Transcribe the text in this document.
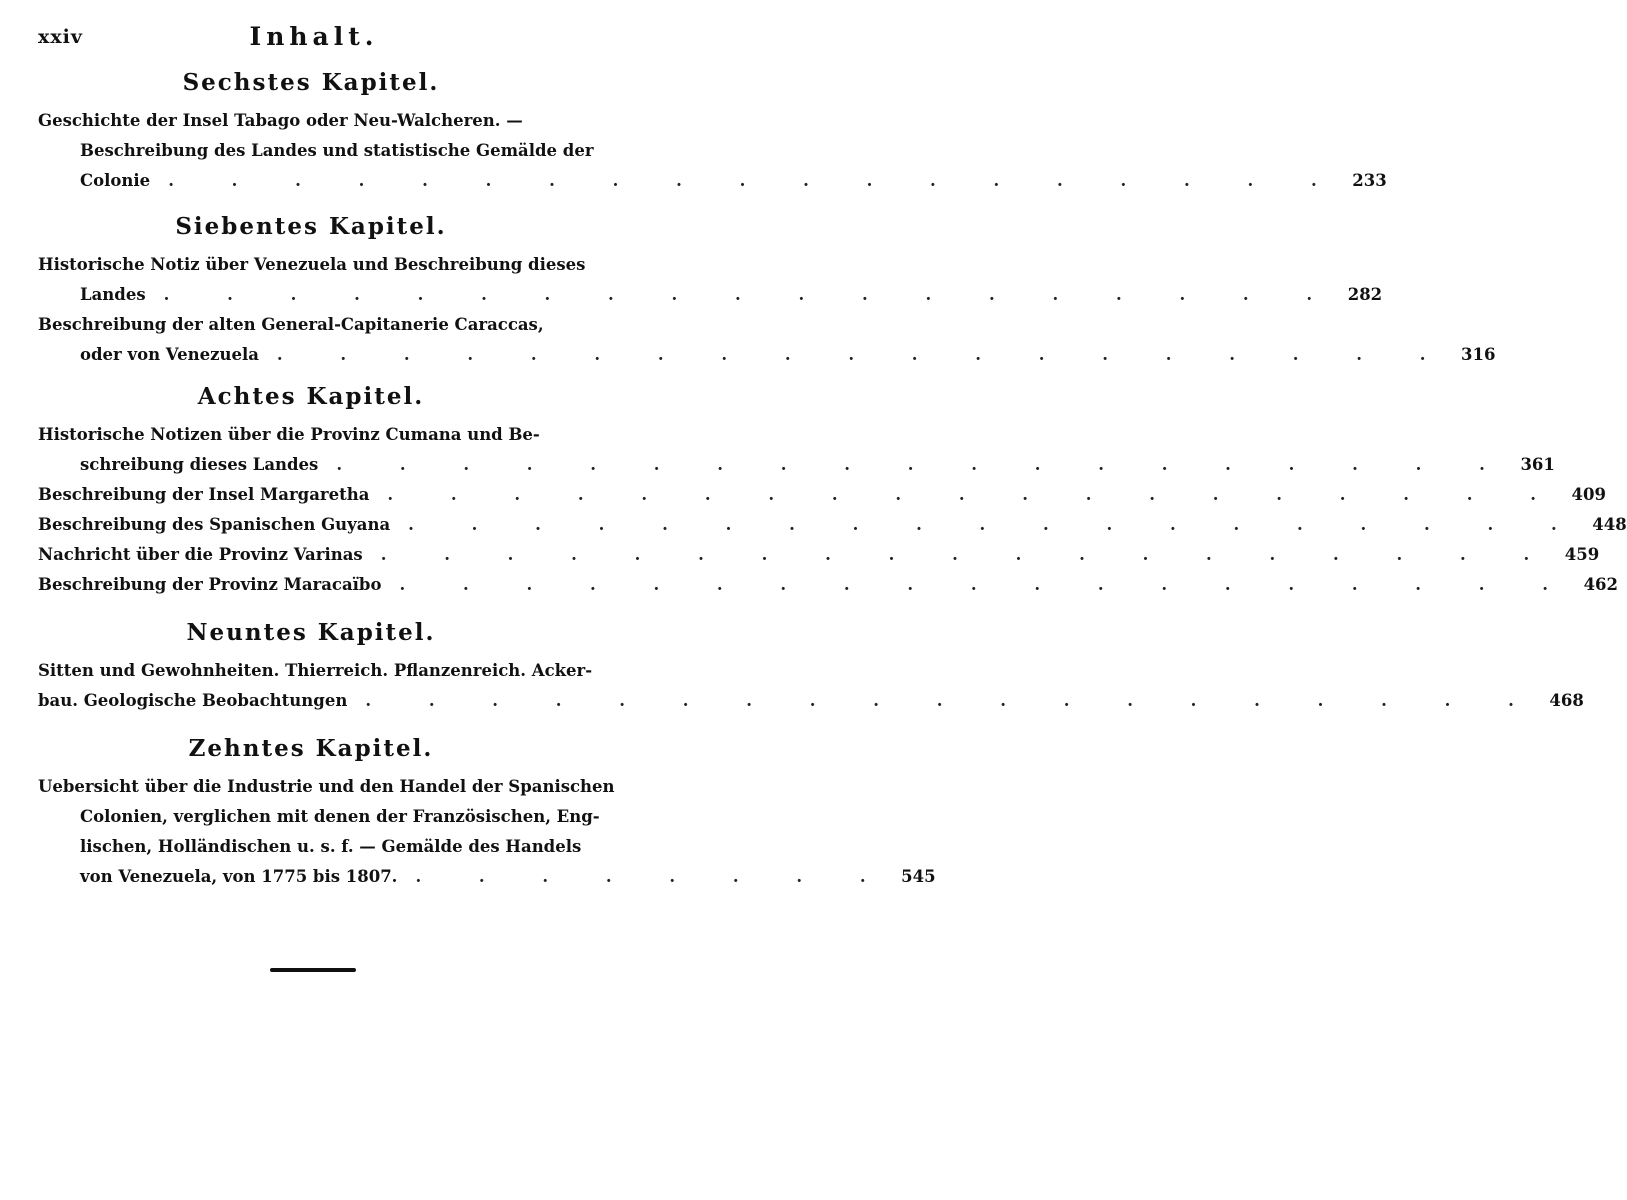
xxiv	Inhalt.
Sechstes Kapitel.
Geschichte der Insel Tabago oder Neu-Walcheren. —
Beschreibung des Landes und statistische Gemälde der
Colonie	. . . . . . . . . . . . . . . . . . . 233
Siebentes Kapitel.
Historische Notiz über Venezuela und Beschreibung dieses
Landes	. . . . . . . . . . . . . . . . . . . 282
Beschreibung der alten General-Capitanerie Caraccas,
oder von Venezuela	. . . . . . . . . . . . . . . . . . . 316
Achtes Kapitel.
Historische Notizen über die Provinz Cumana und Be-
schreibung dieses Landes	. . . . . . . . . . . . . . . . . . . 361
Beschreibung der Insel Margaretha	. . . . . . . . . . . . . . . . . . . 409
Beschreibung des Spanischen Guyana	. . . . . . . . . . . . . . . . . . . 448
Nachricht über die Provinz Varinas	. . . . . . . . . . . . . . . . . . . 459
Beschreibung der Provinz Maracaïbo	. . . . . . . . . . . . . . . . . . . 462
Neuntes Kapitel.
Sitten und Gewohnheiten. Thierreich. Pflanzenreich. Acker-
bau. Geologische Beobachtungen	. . . . . . . . . . . . . . . . . . . 468
Zehntes Kapitel.
Uebersicht über die Industrie und den Handel der Spanischen
Colonien, verglichen mit denen der Französischen, Eng-
lischen, Holländischen u. s. f. — Gemälde des Handels
von Venezuela, von 1775 bis 1807.	. . . . . . . . 545
